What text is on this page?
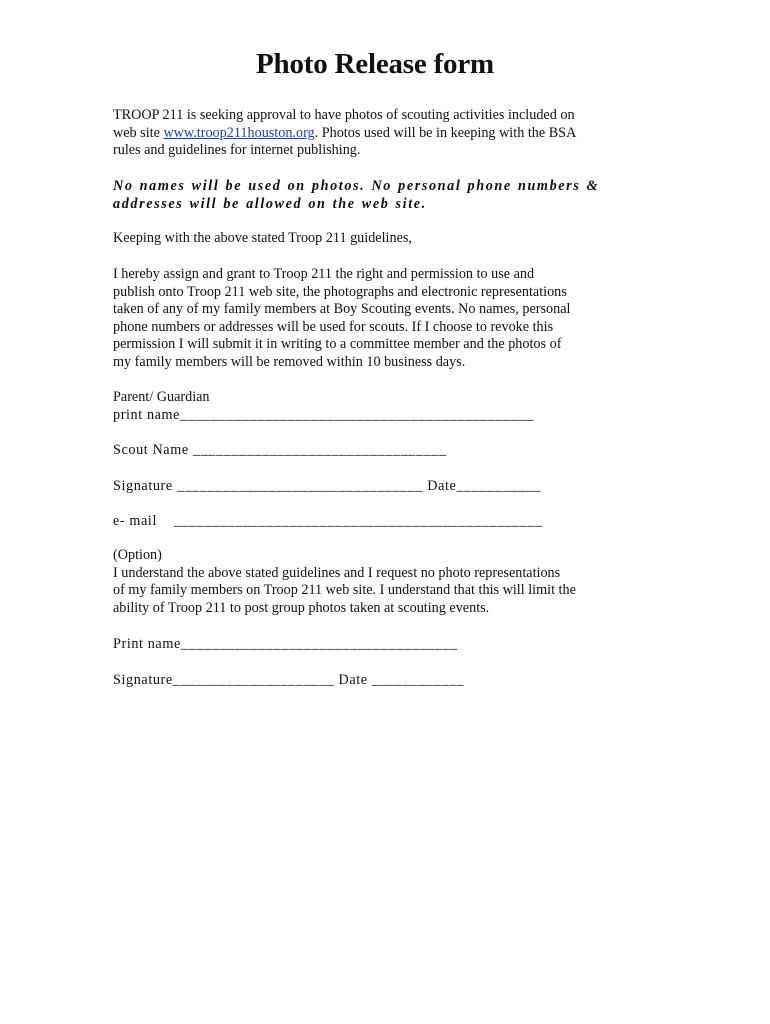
Photo Release form

TROOP 211 is seeking approval to have photos of scouting activities included on
web site www.troop211houston.org. Photos used will be in keeping with the BSA
rules and guidelines for internet publishing.

No names will be used on photos. No personal phone numbers &
addresses will be allowed on the web site.

Keeping with the above stated Troop 211 guidelines,

I hereby assign and grant to Troop 211 the right and permission to use and
publish onto Troop 211 web site, the photographs and electronic representations
taken of any of my family members at Boy Scouting events. No names, personal
phone numbers or addresses will be used for scouts. If I choose to revoke this
permission I will submit it in writing to a committee member and the photos of
my family members will be removed within 10 business days.

Parent/ Guardian
print name______________________________________________
Scout Name _________________________________
Signature ________________________________ Date___________
e- mail    ________________________________________________

(Option)
I understand the above stated guidelines and I request no photo representations
of my family members on Troop 211 web site. I understand that this will limit the
ability of Troop 211 to post group photos taken at scouting events.

Print name____________________________________
Signature_____________________ Date ____________
